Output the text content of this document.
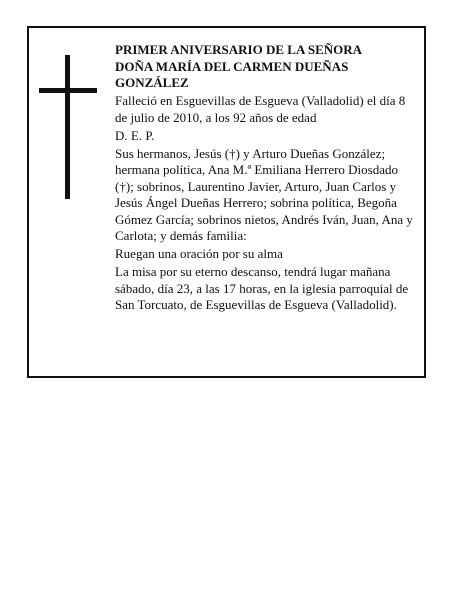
PRIMER ANIVERSARIO DE LA SEÑORA
DOÑA MARÍA DEL CARMEN DUEÑAS

GONZÁLEZ

Falleció en Esguevillas de Esgueva (Valladolid) el día 8 de julio de 2010, a los 92 años de edad

D. E. P.

Sus hermanos, Jesús (†) y Arturo Dueñas González; hermana política, Ana M.ª Emiliana Herrero Diosdado (†); sobrinos, Laurentino Javier, Arturo, Juan Carlos y Jesús Ángel Dueñas Herrero; sobrina política, Begoña Gómez García; sobrinos nietos, Andrés Iván, Juan, Ana y Carlota; y demás familia:

Ruegan una oración por su alma

La misa por su eterno descanso, tendrá lugar mañana sábado, día 23, a las 17 horas, en la iglesia parroquial de San Torcuato, de Esguevillas de Esgueva (Valladolid).
